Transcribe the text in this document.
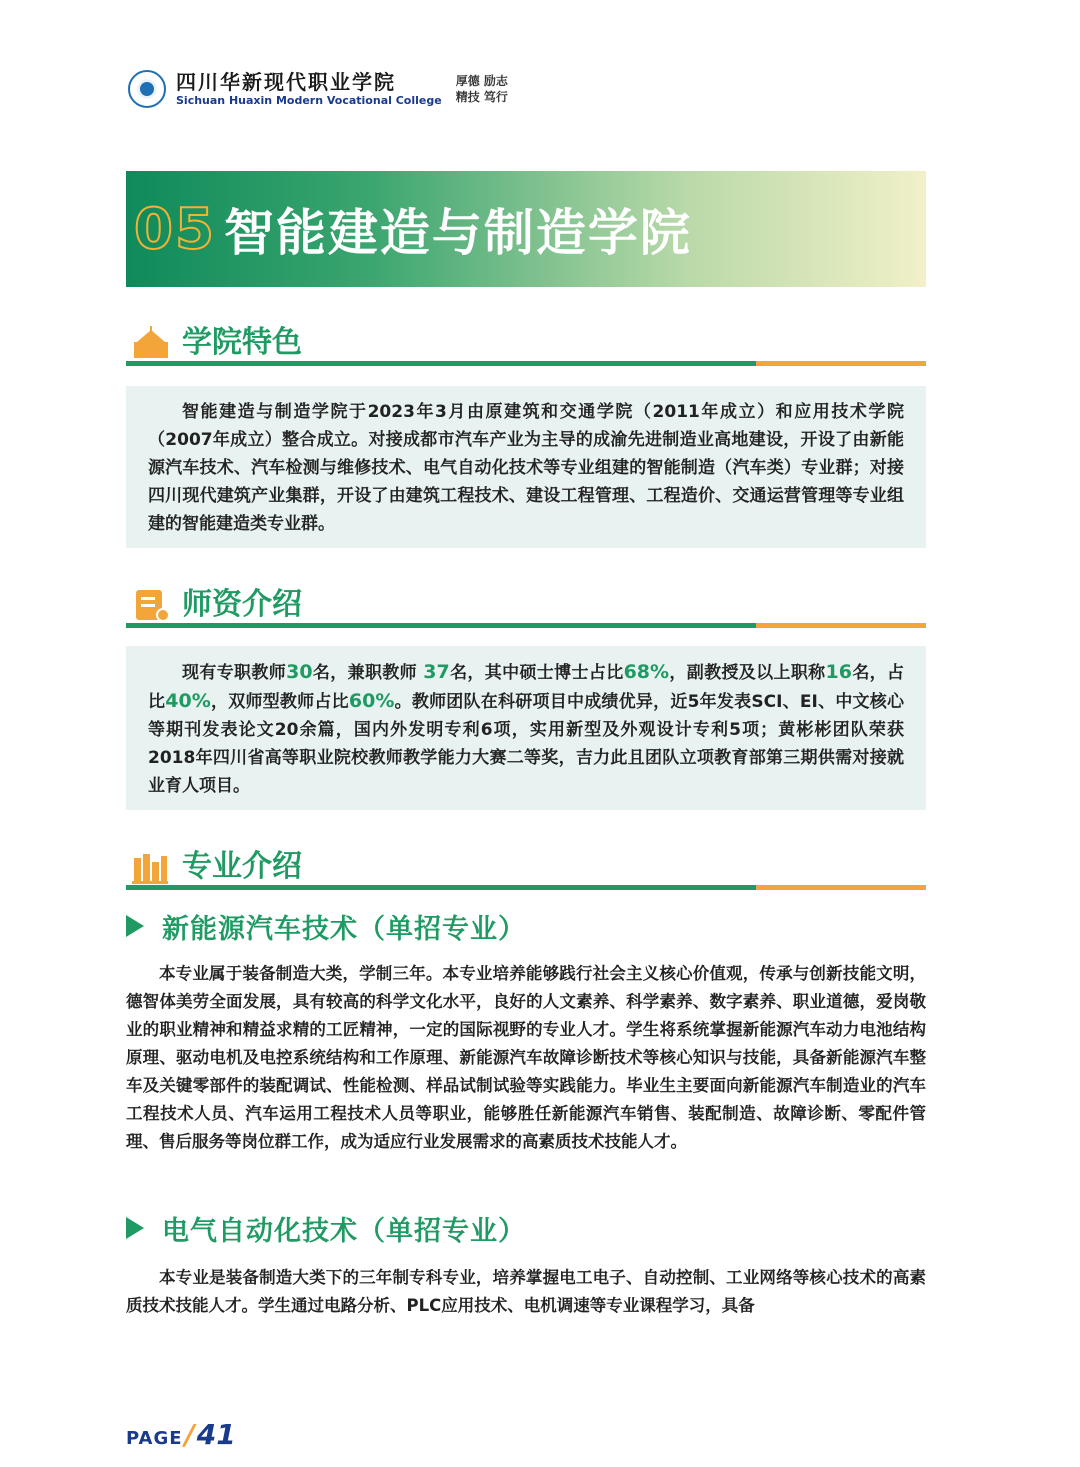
四川华新现代职业学院
Sichuan Huaxin Modern Vocational College
厚德 励志
精技 笃行
05 智能建造与制造学院
学院特色

智能建造与制造学院于2023年3月由原建筑和交通学院（2011年成立）和应用技术学院（2007年成立）整合成立。对接成都市汽车产业为主导的成渝先进制造业高地建设，开设了由新能源汽车技术、汽车检测与维修技术、电气自动化技术等专业组建的智能制造（汽车类）专业群；对接四川现代建筑产业集群，开设了由建筑工程技术、建设工程管理、工程造价、交通运营管理等专业组建的智能建造类专业群。

师资介绍

现有专职教师30名，兼职教师 37名，其中硕士博士占比68%，副教授及以上职称16名，占比40%，双师型教师占比60%。教师团队在科研项目中成绩优异，近5年发表SCI、EI、中文核心等期刊发表论文20余篇，国内外发明专利6项，实用新型及外观设计专利5项；黄彬彬团队荣获2018年四川省高等职业院校教师教学能力大赛二等奖，吉力此且团队立项教育部第三期供需对接就业育人项目。

专业介绍
新能源汽车技术（单招专业）

本专业属于装备制造大类，学制三年。本专业培养能够践行社会主义核心价值观，传承与创新技能文明，德智体美劳全面发展，具有较高的科学文化水平，良好的人文素养、科学素养、数字素养、职业道德，爱岗敬业的职业精神和精益求精的工匠精神，一定的国际视野的专业人才。学生将系统掌握新能源汽车动力电池结构原理、驱动电机及电控系统结构和工作原理、新能源汽车故障诊断技术等核心知识与技能，具备新能源汽车整车及关键零部件的装配调试、性能检测、样品试制试验等实践能力。毕业生主要面向新能源汽车制造业的汽车工程技术人员、汽车运用工程技术人员等职业，能够胜任新能源汽车销售、装配制造、故障诊断、零配件管理、售后服务等岗位群工作，成为适应行业发展需求的高素质技术技能人才。

电气自动化技术（单招专业）

本专业是装备制造大类下的三年制专科专业，培养掌握电工电子、自动控制、工业网络等核心技术的高素质技术技能人才。学生通过电路分析、PLC应用技术、电机调速等专业课程学习，具备

PAGE / 41
